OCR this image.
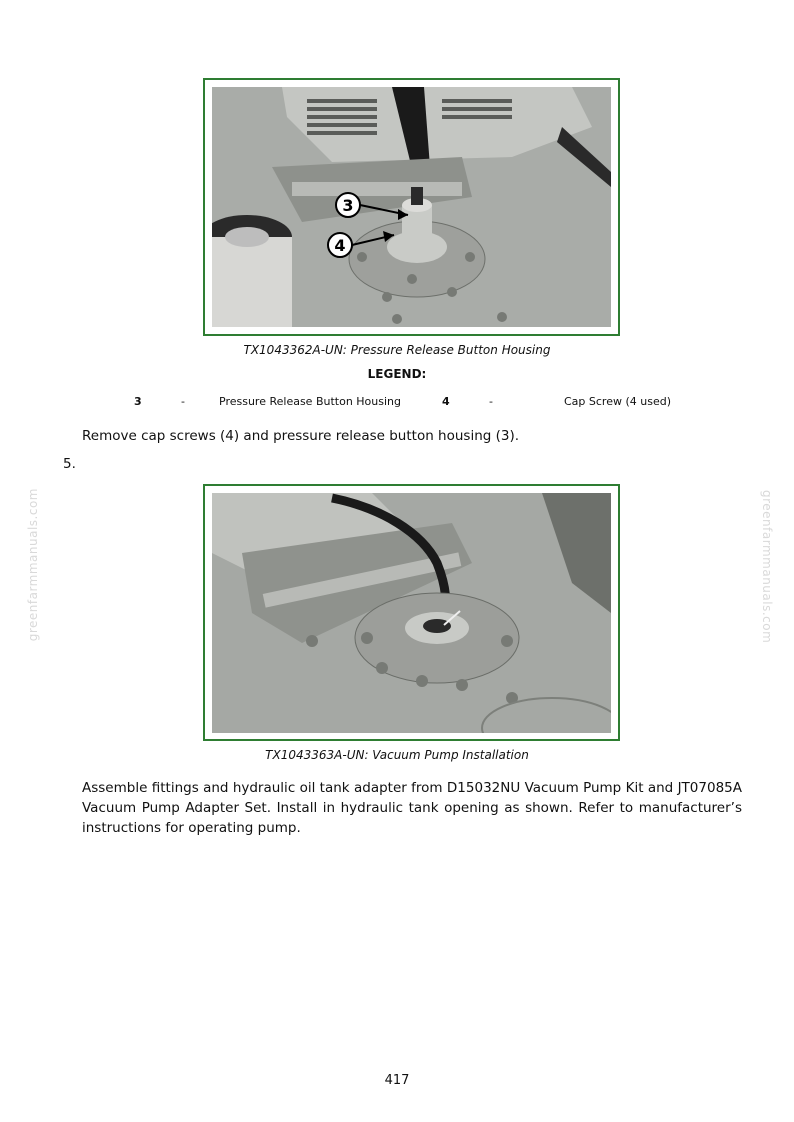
greenfarmmanuals.com	greenfarmmanuals.com
3
4
TX1043362A-UN: Pressure Release Button Housing
LEGEND:
3	-	Pressure Release Button Housing	4	-	Cap Screw (4 used)
Remove cap screws (4) and pressure release button housing (3).
5.
TX1043363A-UN: Vacuum Pump Installation
Assemble fittings and hydraulic oil tank adapter from D15032NU Vacuum Pump Kit and JT07085A Vacuum Pump Adapter Set. Install in hydraulic tank opening as shown. Refer to manufacturer’s instructions for operating pump.
417
